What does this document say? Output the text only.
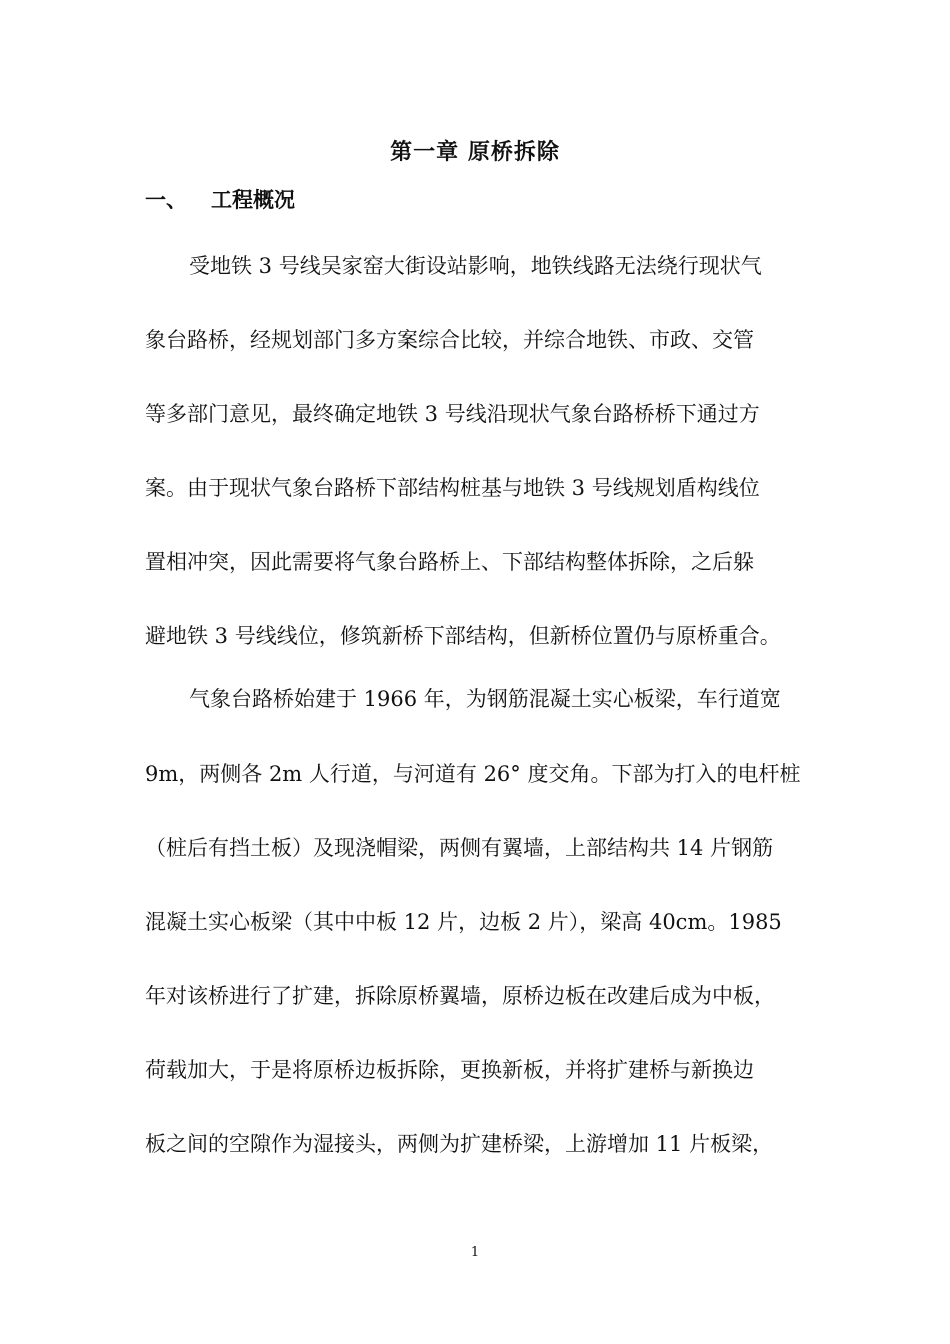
第一章 原桥拆除
一、 工程概况
受地铁 3 号线吴家窑大街设站影响，地铁线路无法绕行现状气
象台路桥，经规划部门多方案综合比较，并综合地铁、市政、交管
等多部门意见，最终确定地铁 3 号线沿现状气象台路桥桥下通过方
案。由于现状气象台路桥下部结构桩基与地铁 3 号线规划盾构线位
置相冲突，因此需要将气象台路桥上、下部结构整体拆除，之后躲
避地铁 3 号线线位，修筑新桥下部结构，但新桥位置仍与原桥重合。
气象台路桥始建于 1966 年，为钢筋混凝土实心板梁，车行道宽
9m，两侧各 2m 人行道，与河道有 26° 度交角。下部为打入的电杆桩
（桩后有挡土板）及现浇帽梁，两侧有翼墙，上部结构共 14 片钢筋
混凝土实心板梁（其中中板 12 片，边板 2 片），梁高 40cm。1985
年对该桥进行了扩建，拆除原桥翼墙，原桥边板在改建后成为中板，
荷载加大，于是将原桥边板拆除，更换新板，并将扩建桥与新换边
板之间的空隙作为湿接头，两侧为扩建桥梁，上游增加 11 片板梁，
1
